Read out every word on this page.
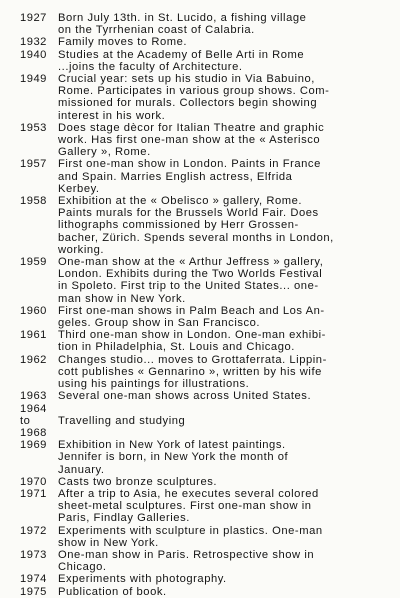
1927 Born July 13th. in St. Lucido, a fishing village
on the Tyrrhenian coast of Calabria.
1932 Family moves to Rome.
1940 Studies at the Academy of Belle Arti in Rome
...joins the faculty of Architecture.
1949 Crucial year: sets up his studio in Via Babuino,
Rome. Participates in various group shows. Com-
missioned for murals. Collectors begin showing
interest in his work.
1953 Does stage dècor for Italian Theatre and graphic
work. Has first one-man show at the « Asterisco
Gallery », Rome.
1957 First one-man show in London. Paints in France
and Spain. Marries English actress, Elfrida
Kerbey.
1958 Exhibition at the « Obelisco » gallery, Rome.
Paints murals for the Brussels World Fair. Does
lithographs commissioned by Herr Grossen-
bacher, Zürich. Spends several months in London,
working.
1959 One-man show at the « Arthur Jeffress » gallery,
London. Exhibits during the Two Worlds Festival
in Spoleto. First trip to the United States... one-
man show in New York.
1960 First one-man shows in Palm Beach and Los An-
geles. Group show in San Francisco.
1961 Third one-man show in London. One-man exhibi-
tion in Philadelphia, St. Louis and Chicago.
1962 Changes studio... moves to Grottaferrata. Lippin-
cott publishes « Gennarino », written by his wife
using his paintings for illustrations.
1963 Several one-man shows across United States.
1964
to
1968

Travelling and studying

1969 Exhibition in New York of latest paintings.
Jennifer is born, in New York the month of
January.
1970 Casts two bronze sculptures.
1971 After a trip to Asia, he executes several colored
sheet-metal sculptures. First one-man show in
Paris, Findlay Galleries.
1972 Experiments with sculpture in plastics. One-man
show in New York.
1973 One-man show in Paris. Retrospective show in
Chicago.
1974 Experiments with photography.
1975 Publication of book.
